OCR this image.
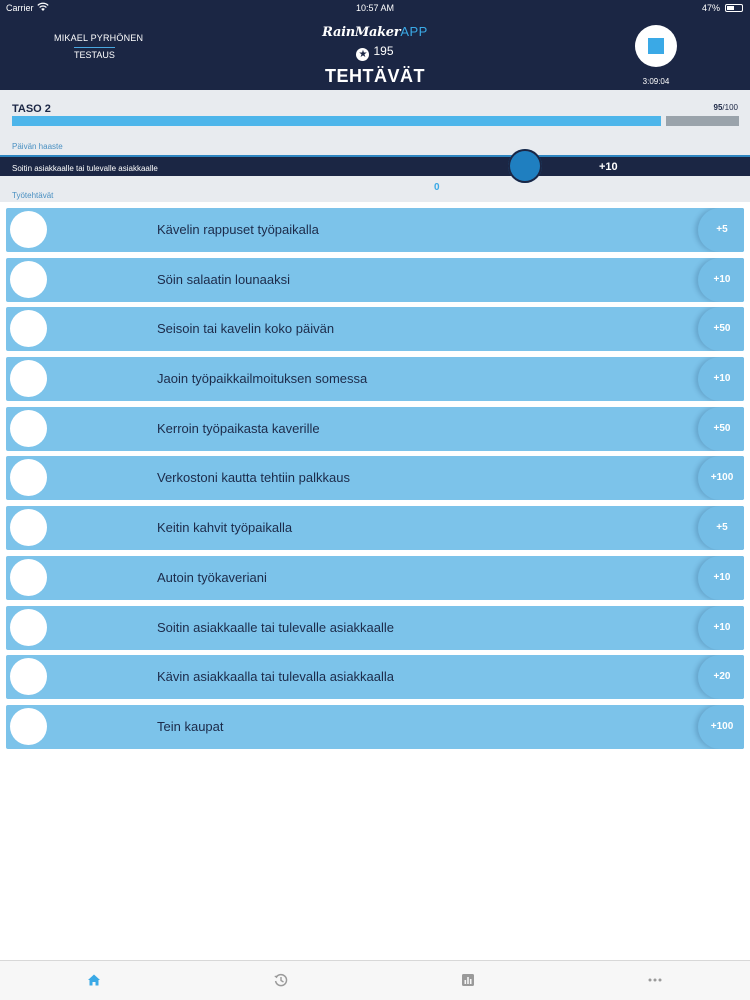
Carrier	10:57 AM	47%
MIKAEL PYRHÖNEN
TESTAUS
RainMakerAPP
★ 195
TEHTÄVÄT	3:09:04
TASO 2	95/100
Päivän haaste
Työtehtävät
0
Soitin asiakkaalle tai tulevalle asiakkaalle	+10
Kävelin rappuset työpaikalla	+5
Söin salaatin lounaaksi	+10
Seisoin tai kavelin koko päivän	+50
Jaoin työpaikkailmoituksen somessa	+10
Kerroin työpaikasta kaverille	+50
Verkostoni kautta tehtiin palkkaus	+100
Keitin kahvit työpaikalla	+5
Autoin työkaveriani	+10
Soitin asiakkaalle tai tulevalle asiakkaalle	+10
Kävin asiakkaalla tai tulevalla asiakkaalla	+20
Tein kaupat	+100
